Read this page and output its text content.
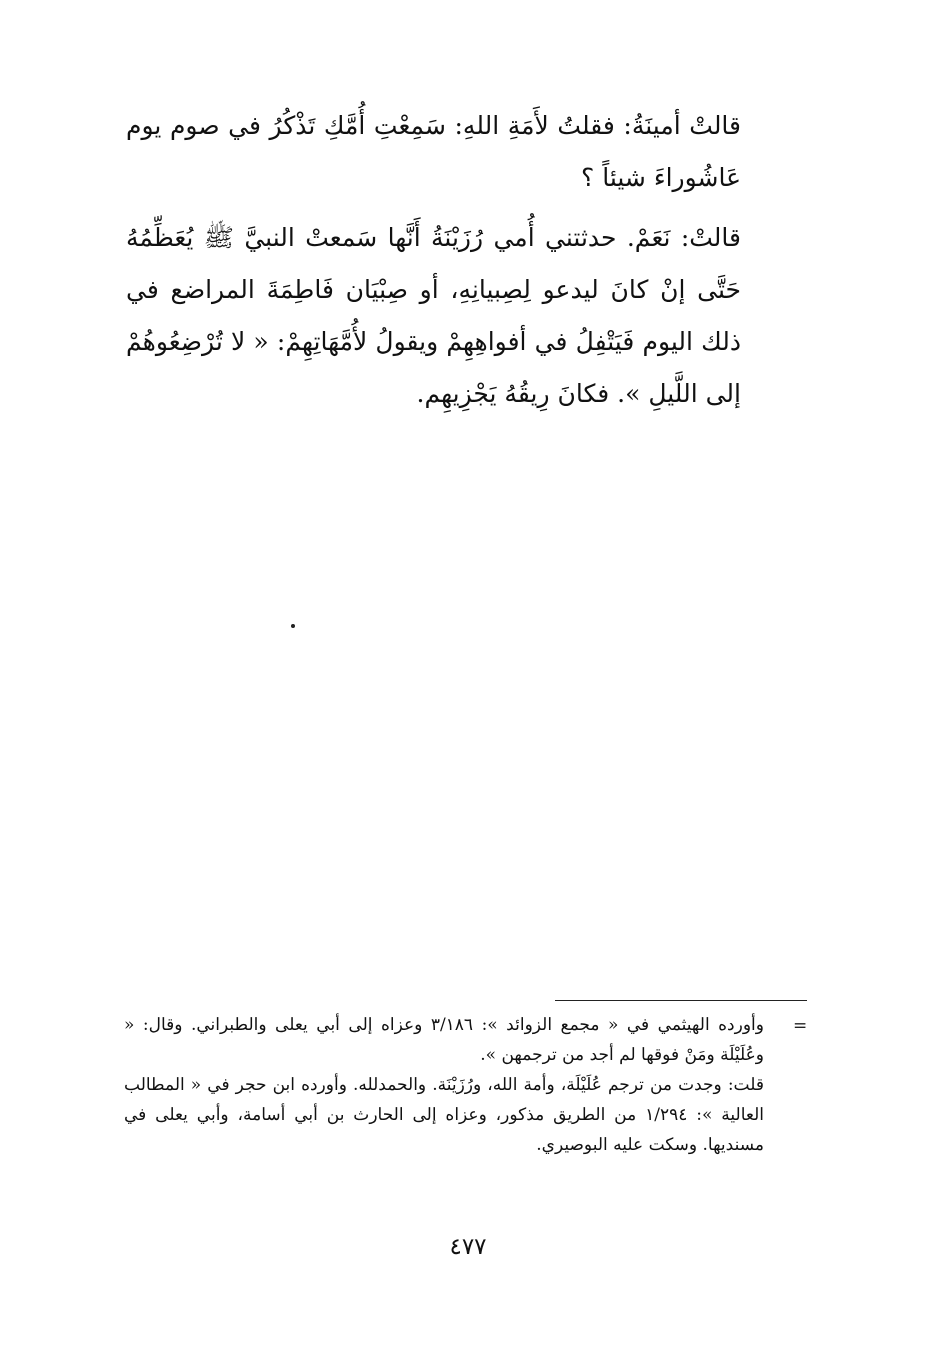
قالتْ أمينَةُ: فقلتُ لأَمَةِ اللهِ: سَمِعْتِ أُمَّكِ تَذْكُرُ في صوم يوم عَاشُوراءَ شيئاً ؟

قالتْ: نَعَمْ. حدثتني أُمي رُزَيْنَةُ أَنَّها سَمعتْ النبيَّ ﷺ يُعَظِّمُهُ حَتَّى إنْ كانَ ليدعو لِصِبيانِهِ، أو صِبْيَان فَاطِمَةَ المراضع في ذلك اليوم فَيَتْفِلُ في أفواهِهِمْ ويقولُ لأُمَّهَاتِهِمْ: « لا تُرْضِعُوهُمْ إلى اللَّيلِ ». فكانَ رِيقُهُ يَجْزِيهِم.

=

وأورده الهيثمي في « مجمع الزوائد »: ٣/١٨٦ وعزاه إلى أبي يعلى والطبراني. وقال: « وعُلَيْلَة ومَنْ فوقها لم أجد من ترجمهن ».

قلت: وجدت من ترجم عُلَيْلَة، وأمة الله، ورُزَيْنَة. والحمدلله. وأورده ابن حجر في « المطالب العالية »: ١/٢٩٤ من الطريق مذكور، وعزاه إلى الحارث بن أبي أسامة، وأبي يعلى في مسنديها. وسكت عليه البوصيري.

٤٧٧
